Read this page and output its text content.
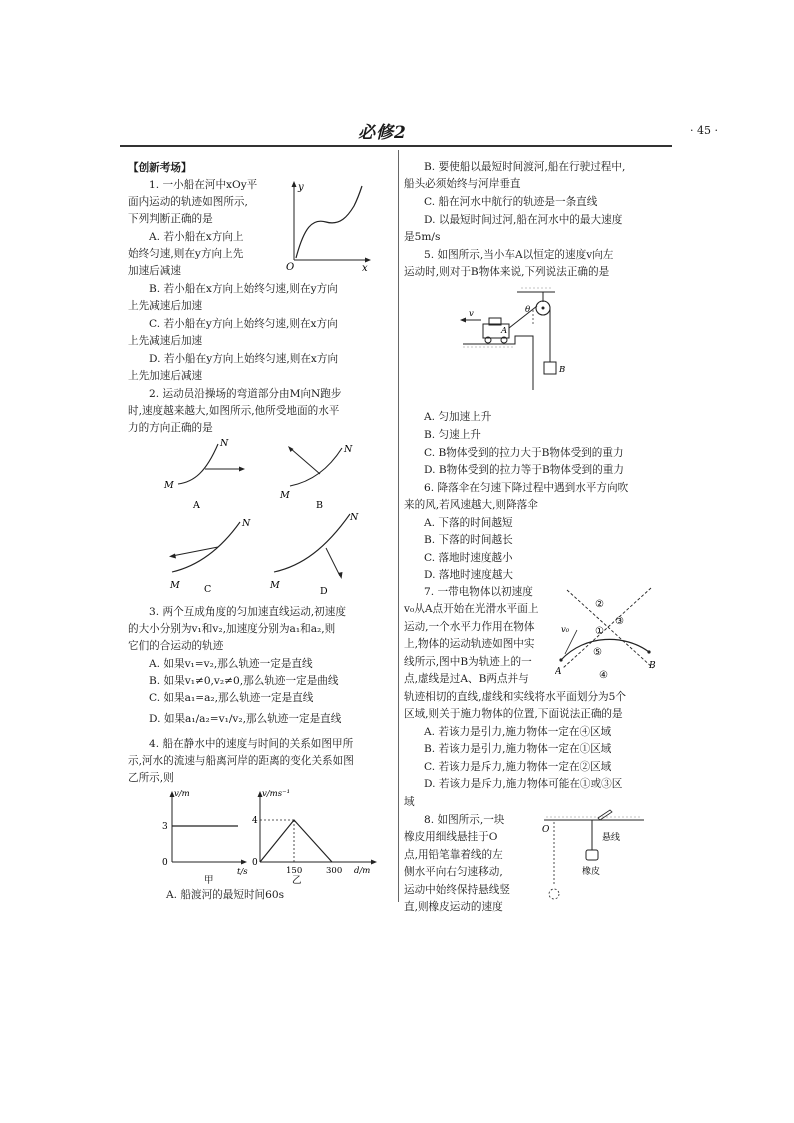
必修2	· 45 ·
【创新考场】
1. 一小船在河中xOy平
面内运动的轨迹如图所示,
下列判断正确的是
A. 若小船在x方向上
始终匀速,则在y方向上先
加速后减速
B. 若小船在x方向上始终匀速,则在y方向
上先减速后加速
C. 若小船在y方向上始终匀速,则在x方向
上先减速后加速
D. 若小船在y方向上始终匀速,则在x方向
上先加速后减速
y
x
O
2. 运动员沿操场的弯道部分由M向N跑步
时,速度越来越大,如图所示,他所受地面的水平
力的方向正确的是
M
N
A
M
N
B
M
N
C	M
N
D
3. 两个互成角度的匀加速直线运动,初速度
的大小分别为v₁和v₂,加速度分别为a₁和a₂,则
它们的合运动的轨迹
A. 如果v₁=v₂,那么轨迹一定是直线
B. 如果v₁≠0,v₂≠0,那么轨迹一定是曲线
C. 如果a₁=a₂,那么轨迹一定是直线
D. 如果a₁/a₂=v₁/v₂,那么轨迹一定是直线
4. 船在静水中的速度与时间的关系如图甲所
示,河水的流速与船离河岸的距离的变化关系如图
乙所示,则
v/m
3
0
t/s
甲
v/ms⁻¹
4
0
150	300 d/m
乙
A. 船渡河的最短时间60s
B. 要使船以最短时间渡河,船在行驶过程中,
船头必须始终与河岸垂直
C. 船在河水中航行的轨迹是一条直线
D. 以最短时间过河,船在河水中的最大速度
是5m/s
5. 如图所示,当小车A以恒定的速度v向左
运动时,则对于B物体来说,下列说法正确的是
v
A
θ
B
A. 匀加速上升
B. 匀速上升
C. B物体受到的拉力大于B物体受到的重力
D. B物体受到的拉力等于B物体受到的重力
6. 降落伞在匀速下降过程中遇到水平方向吹
来的风,若风速越大,则降落伞
A. 下落的时间越短
B. 下落的时间越长
C. 落地时速度越小
D. 落地时速度越大
7. 一带电物体以初速度
v₀从A点开始在光滑水平面上
运动,一个水平力作用在物体
上,物体的运动轨迹如图中实
线所示,图中B为轨迹上的一
点,虚线是过A、B两点并与
轨迹相切的直线,虚线和实线将水平面划分为5个
区域,则关于施力物体的位置,下面说法正确的是
A. 若该力是引力,施力物体一定在④区域
B. 若该力是引力,施力物体一定在①区域
C. 若该力是斥力,施力物体一定在②区域
D. 若该力是斥力,施力物体可能在①或③区
域
①
②
③
④
⑤
v₀
A
B
8. 如图所示,一块
橡皮用细线悬挂于O
点,用铅笔靠着线的左
侧水平向右匀速移动,
运动中始终保持悬线竖
直,则橡皮运动的速度
O
悬线
橡皮
